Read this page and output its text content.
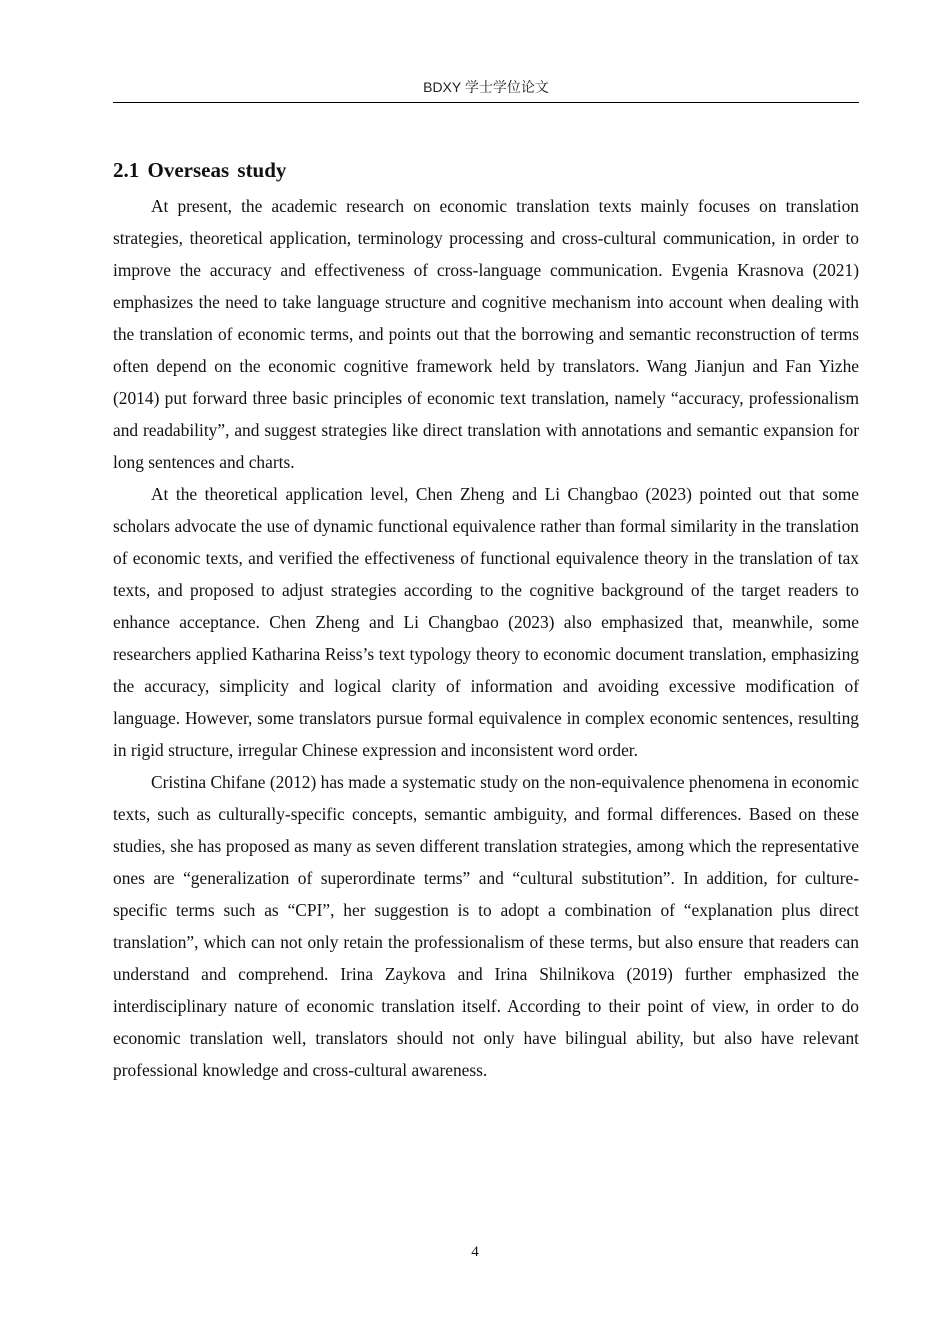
BDXY 学士学位论文
2.1 Overseas study

At present, the academic research on economic translation texts mainly focuses on translation strategies, theoretical application, terminology processing and cross-cultural communication, in order to improve the accuracy and effectiveness of cross-language communication. Evgenia Krasnova (2021) emphasizes the need to take language structure and cognitive mechanism into account when dealing with the translation of economic terms, and points out that the borrowing and semantic reconstruction of terms often depend on the economic cognitive framework held by translators. Wang Jianjun and Fan Yizhe (2014) put forward three basic principles of economic text translation, namely “accuracy, professionalism and readability”, and suggest strategies like direct translation with annotations and semantic expansion for long sentences and charts.

At the theoretical application level, Chen Zheng and Li Changbao (2023) pointed out that some scholars advocate the use of dynamic functional equivalence rather than formal similarity in the translation of economic texts, and verified the effectiveness of functional equivalence theory in the translation of tax texts, and proposed to adjust strategies according to the cognitive background of the target readers to enhance acceptance. Chen Zheng and Li Changbao (2023) also emphasized that, meanwhile, some researchers applied Katharina Reiss’s text typology theory to economic document translation, emphasizing the accuracy, simplicity and logical clarity of information and avoiding excessive modification of language. However, some translators pursue formal equivalence in complex economic sentences, resulting in rigid structure, irregular Chinese expression and inconsistent word order.

Cristina Chifane (2012) has made a systematic study on the non-equivalence phenomena in economic texts, such as culturally-specific concepts, semantic ambiguity, and formal differences. Based on these studies, she has proposed as many as seven different translation strategies, among which the representative ones are “generalization of superordinate terms” and “cultural substitution”. In addition, for culture-specific terms such as “CPI”, her suggestion is to adopt a combination of “explanation plus direct translation”, which can not only retain the professionalism of these terms, but also ensure that readers can understand and comprehend. Irina Zaykova and Irina Shilnikova (2019) further emphasized the interdisciplinary nature of economic translation itself. According to their point of view, in order to do economic translation well, translators should not only have bilingual ability, but also have relevant professional knowledge and cross-cultural awareness.

4
